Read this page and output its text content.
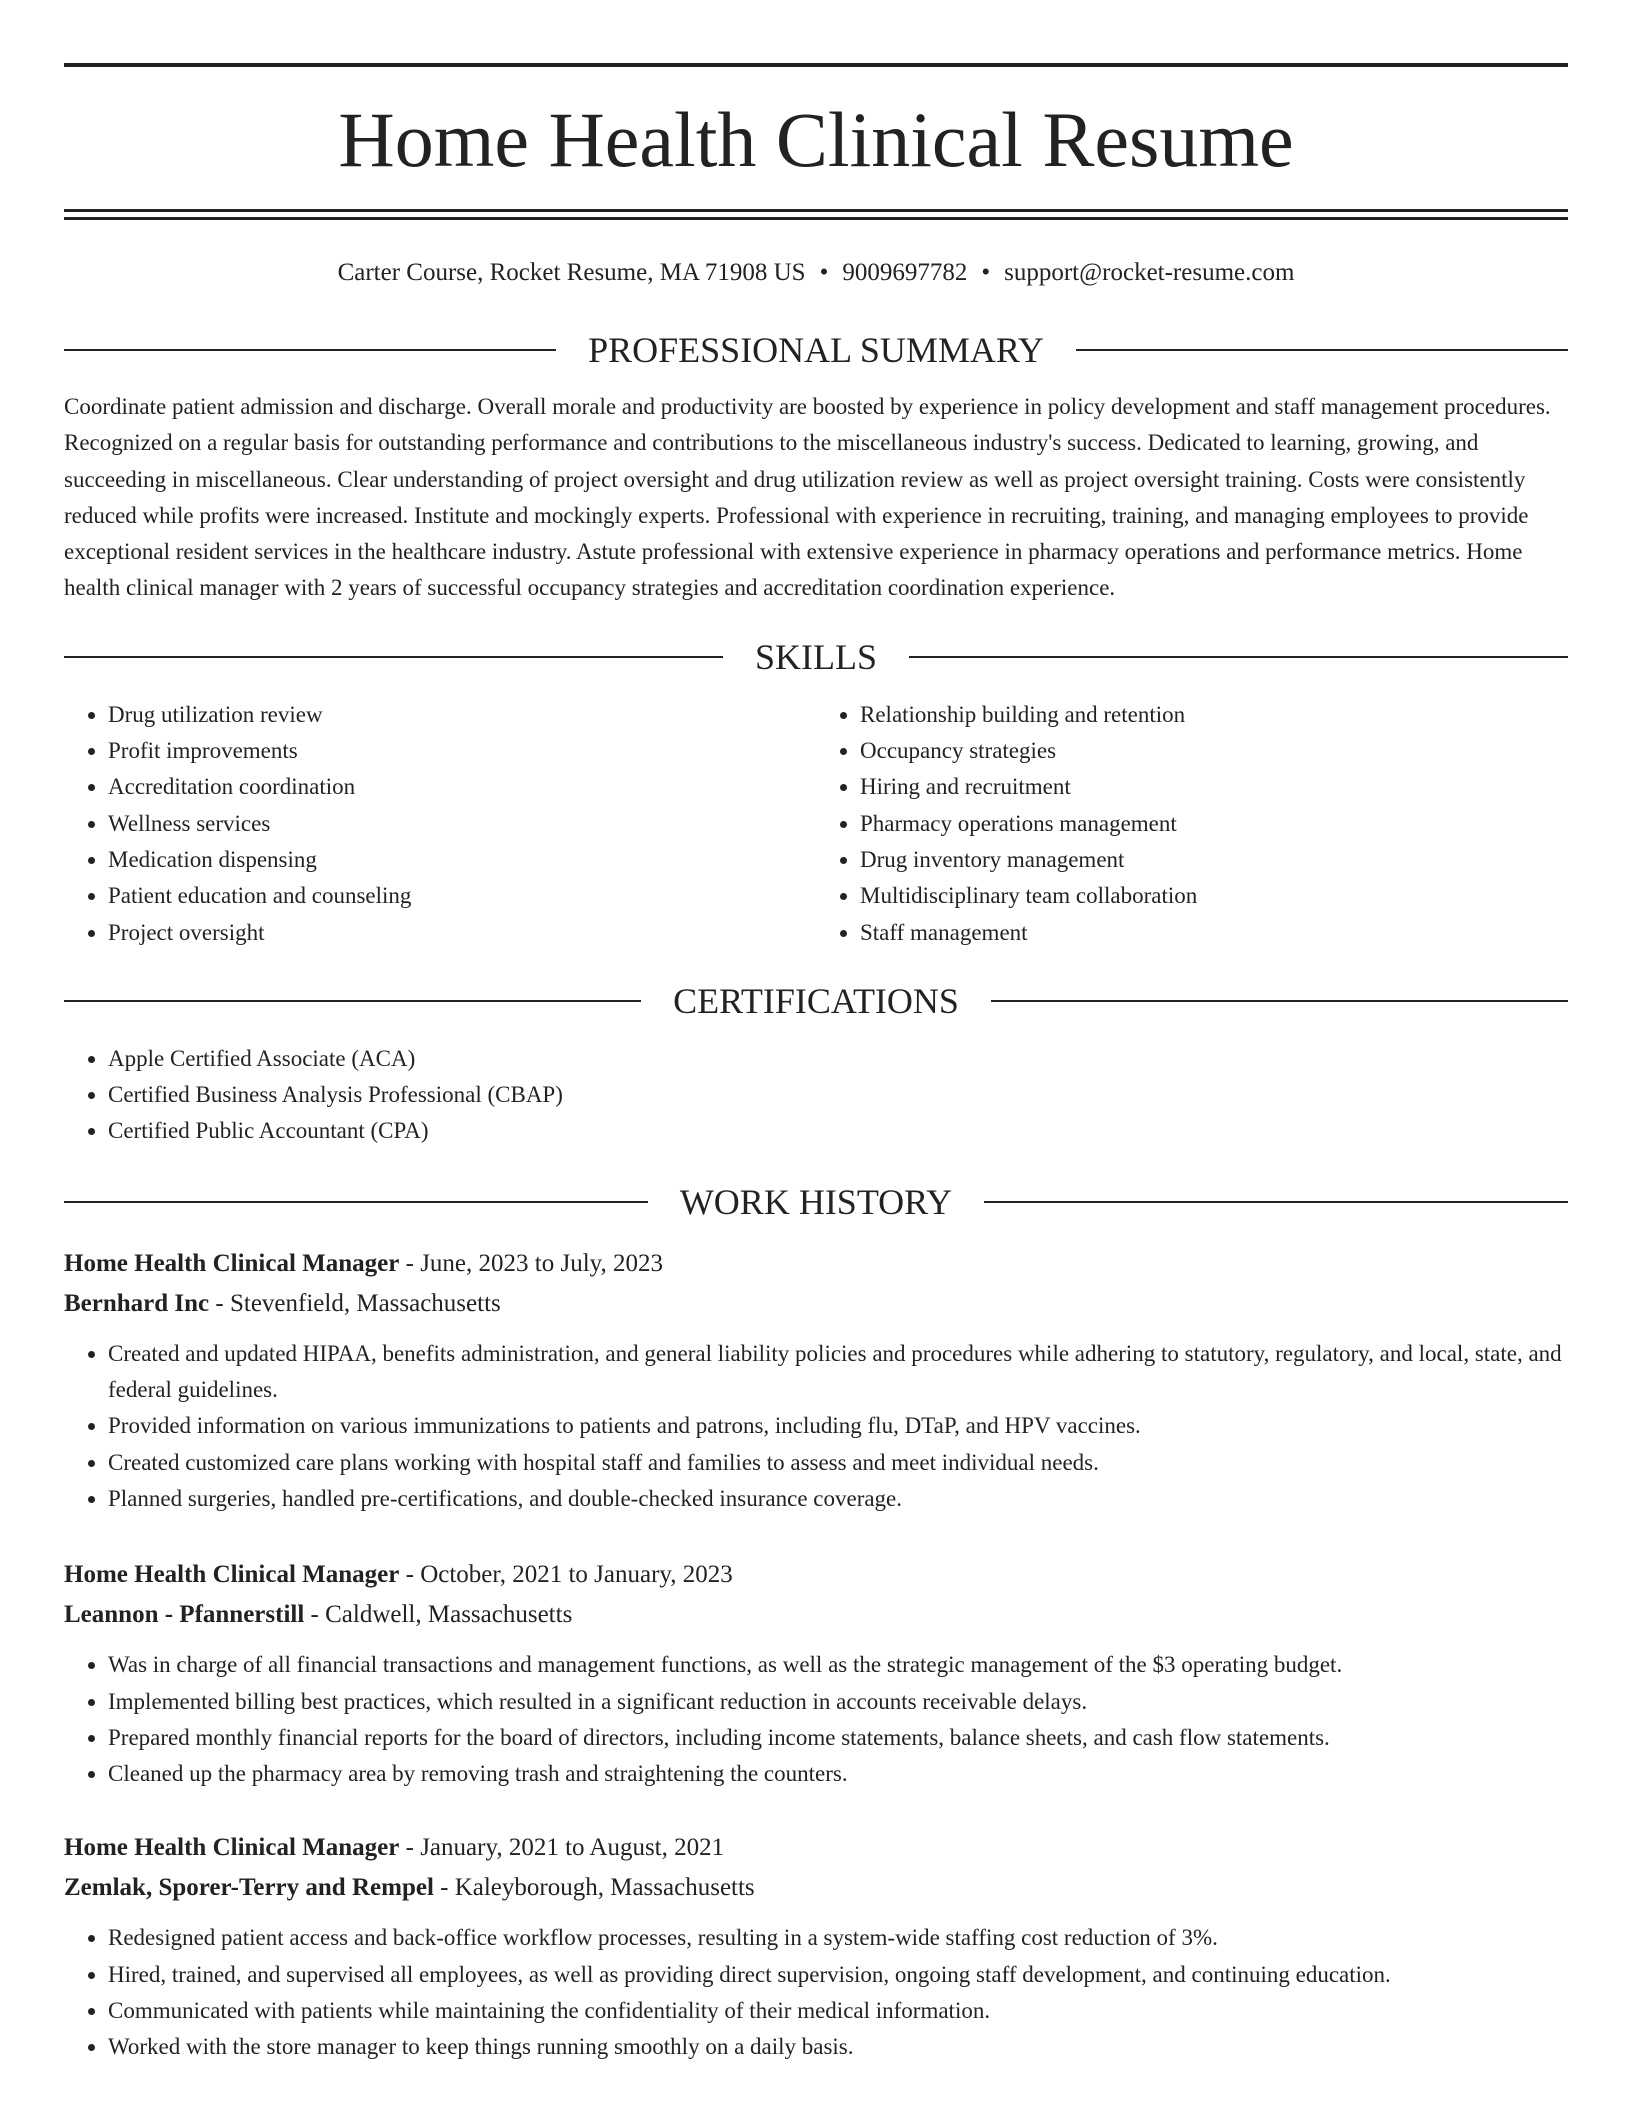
Home Health Clinical Resume
Carter Course, Rocket Resume, MA 71908 US • 9009697782 • support@rocket-resume.com
PROFESSIONAL SUMMARY

Coordinate patient admission and discharge. Overall morale and productivity are boosted by experience in policy development and staff management procedures. Recognized on a regular basis for outstanding performance and contributions to the miscellaneous industry's success. Dedicated to learning, growing, and succeeding in miscellaneous. Clear understanding of project oversight and drug utilization review as well as project oversight training. Costs were consistently reduced while profits were increased. Institute and mockingly experts. Professional with experience in recruiting, training, and managing employees to provide exceptional resident services in the healthcare industry. Astute professional with extensive experience in pharmacy operations and performance metrics. Home health clinical manager with 2 years of successful occupancy strategies and accreditation coordination experience.

SKILLS
• Drug utilization review
• Profit improvements
• Accreditation coordination
• Wellness services
• Medication dispensing
• Patient education and counseling
• Project oversight
• Relationship building and retention
• Occupancy strategies
• Hiring and recruitment
• Pharmacy operations management
• Drug inventory management
• Multidisciplinary team collaboration
• Staff management
CERTIFICATIONS
• Apple Certified Associate (ACA)
• Certified Business Analysis Professional (CBAP)
• Certified Public Accountant (CPA)
WORK HISTORY

Home Health Clinical Manager - June, 2023 to July, 2023

Bernhard Inc - Stevenfield, Massachusetts

• Created and updated HIPAA, benefits administration, and general liability policies and procedures while adhering to statutory, regulatory, and local, state, and federal guidelines.
• Provided information on various immunizations to patients and patrons, including flu, DTaP, and HPV vaccines.
• Created customized care plans working with hospital staff and families to assess and meet individual needs.
• Planned surgeries, handled pre-certifications, and double-checked insurance coverage.

Home Health Clinical Manager - October, 2021 to January, 2023

Leannon - Pfannerstill - Caldwell, Massachusetts

• Was in charge of all financial transactions and management functions, as well as the strategic management of the $3 operating budget.
• Implemented billing best practices, which resulted in a significant reduction in accounts receivable delays.
• Prepared monthly financial reports for the board of directors, including income statements, balance sheets, and cash flow statements.
• Cleaned up the pharmacy area by removing trash and straightening the counters.

Home Health Clinical Manager - January, 2021 to August, 2021

Zemlak, Sporer-Terry and Rempel - Kaleyborough, Massachusetts

• Redesigned patient access and back-office workflow processes, resulting in a system-wide staffing cost reduction of 3%.
• Hired, trained, and supervised all employees, as well as providing direct supervision, ongoing staff development, and continuing education.
• Communicated with patients while maintaining the confidentiality of their medical information.
• Worked with the store manager to keep things running smoothly on a daily basis.
